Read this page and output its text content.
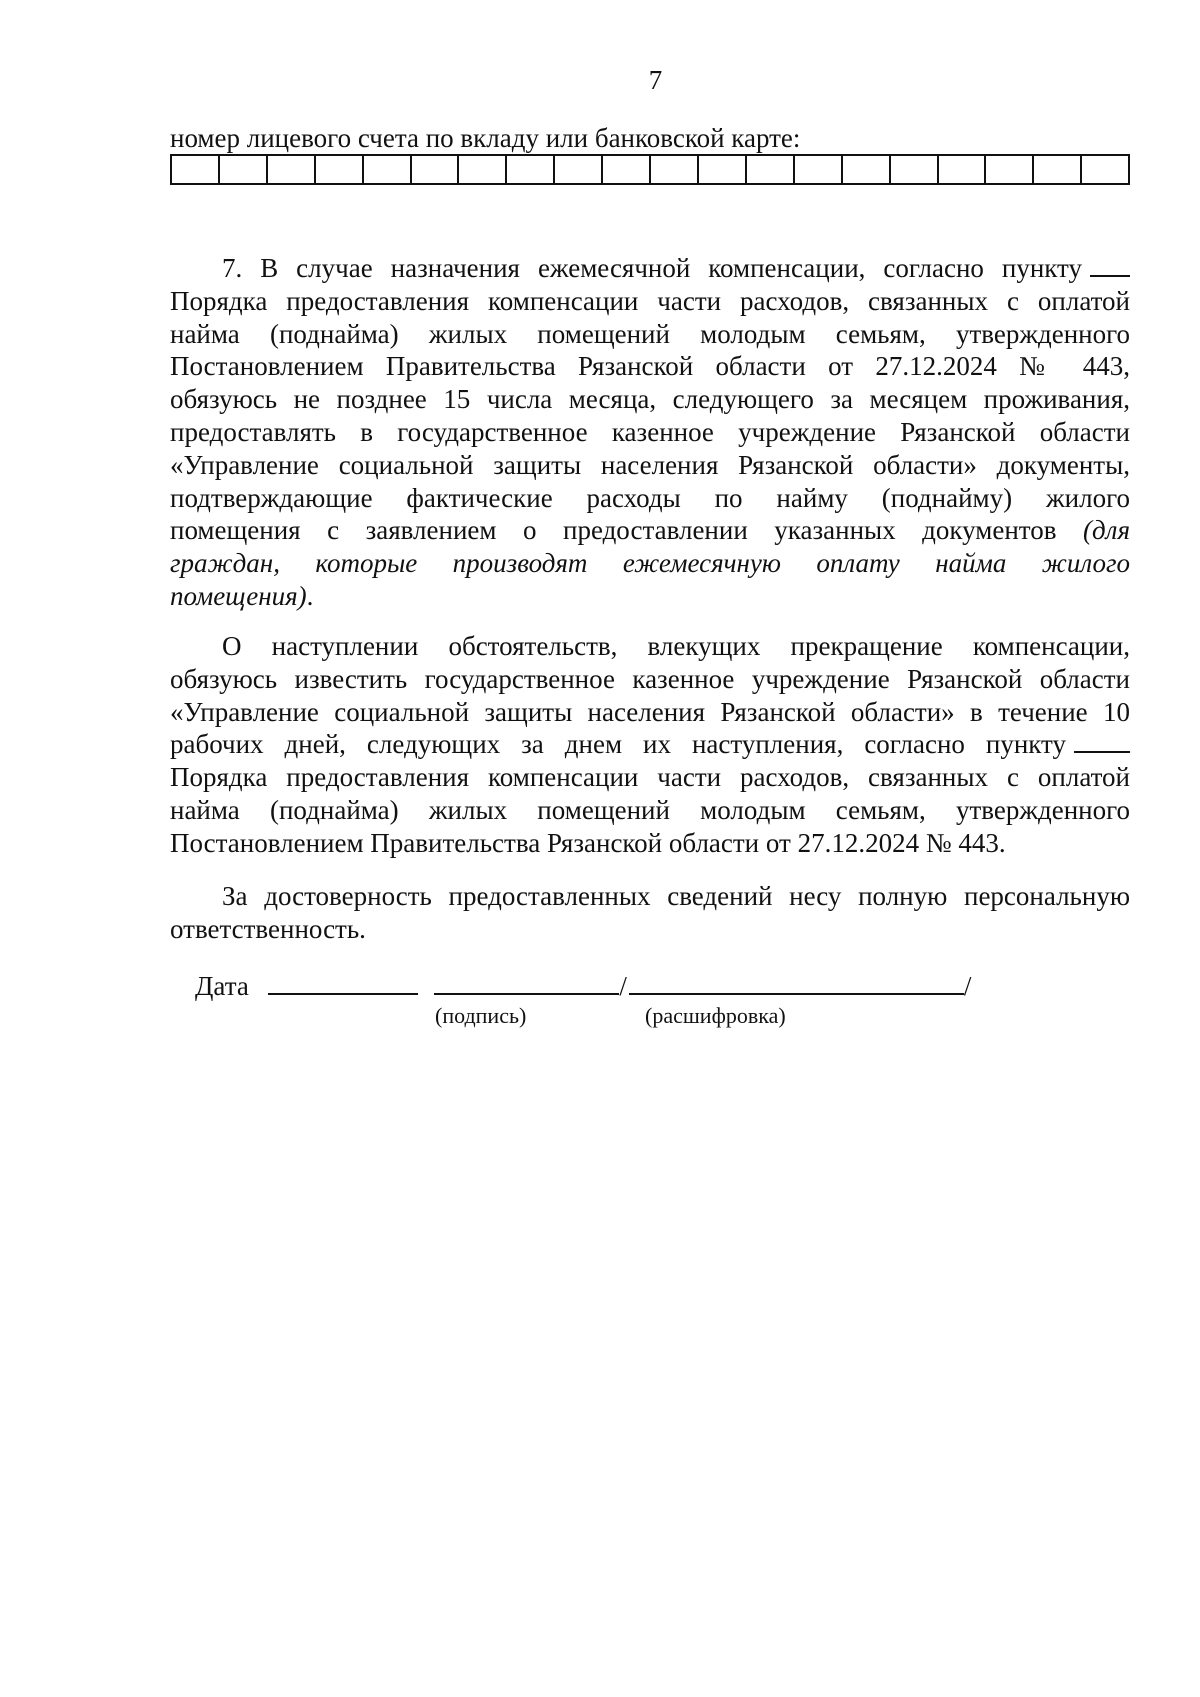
7
номер лицевого счета по вкладу или банковской карте:
7. В случае назначения ежемесячной компенсации, согласно пункту
Порядка предоставления компенсации части расходов, связанных с оплатой
найма (поднайма) жилых помещений молодым семьям, утвержденного
Постановлением Правительства Рязанской области от 27.12.2024 № 443,
обязуюсь не позднее 15 числа месяца, следующего за месяцем проживания,
предоставлять в государственное казенное учреждение Рязанской области
«Управление социальной защиты населения Рязанской области» документы,
подтверждающие фактические расходы по найму (поднайму) жилого
помещения с заявлением о предоставлении указанных документов (для
граждан, которые производят ежемесячную оплату найма жилого
помещения).
О наступлении обстоятельств, влекущих прекращение компенсации,
обязуюсь известить государственное казенное учреждение Рязанской области
«Управление социальной защиты населения Рязанской области» в течение 10
рабочих дней, следующих за днем их наступления, согласно пункту
Порядка предоставления компенсации части расходов, связанных с оплатой
найма (поднайма) жилых помещений молодым семьям, утвержденного
Постановлением Правительства Рязанской области от 27.12.2024 № 443.
За достоверность предоставленных сведений несу полную персональную
ответственность.
Дата	/	/
(подпись)	(расшифровка)
